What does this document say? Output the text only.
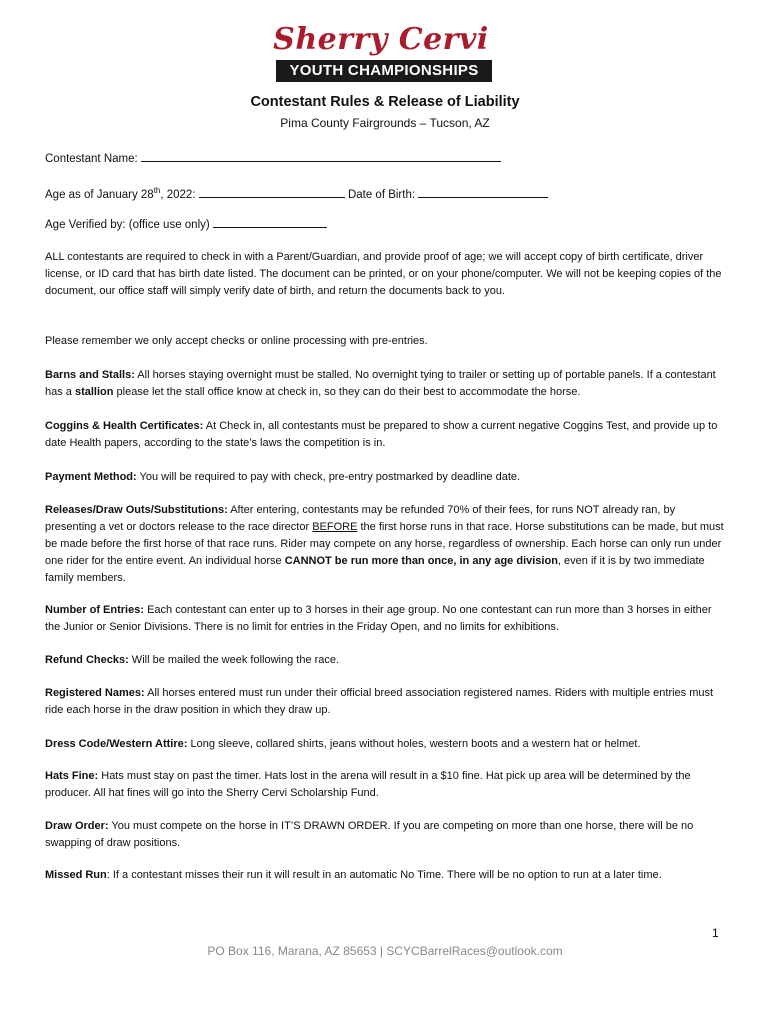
Sherry Cervi
YOUTH CHAMPIONSHIPS
Contestant Rules & Release of Liability
Pima County Fairgrounds – Tucson, AZ
Contestant Name:
Age as of January 28th, 2022:	Date of Birth:
Age Verified by: (office use only)

ALL contestants are required to check in with a Parent/Guardian, and provide proof of age; we will accept copy of birth certificate, driver license, or ID card that has birth date listed. The document can be printed, or on your phone/computer. We will not be keeping copies of the document, our office staff will simply verify date of birth, and return the documents back to you.

Please remember we only accept checks or online processing with pre-entries.

Barns and Stalls: All horses staying overnight must be stalled. No overnight tying to trailer or setting up of portable panels. If a contestant has a stallion please let the stall office know at check in, so they can do their best to accommodate the horse.

Coggins & Health Certificates: At Check in, all contestants must be prepared to show a current negative Coggins Test, and provide up to date Health papers, according to the state’s laws the competition is in.

Payment Method: You will be required to pay with check, pre-entry postmarked by deadline date.

Releases/Draw Outs/Substitutions: After entering, contestants may be refunded 70% of their fees, for runs NOT already ran, by presenting a vet or doctors release to the race director BEFORE the first horse runs in that race. Horse substitutions can be made, but must be made before the first horse of that race runs. Rider may compete on any horse, regardless of ownership. Each horse can only run under one rider for the entire event. An individual horse CANNOT be run more than once, in any age division, even if it is by two immediate family members.

Number of Entries: Each contestant can enter up to 3 horses in their age group. No one contestant can run more than 3 horses in either the Junior or Senior Divisions. There is no limit for entries in the Friday Open, and no limits for exhibitions.

Refund Checks: Will be mailed the week following the race.

Registered Names: All horses entered must run under their official breed association registered names. Riders with multiple entries must ride each horse in the draw position in which they draw up.

Dress Code/Western Attire: Long sleeve, collared shirts, jeans without holes, western boots and a western hat or helmet.

Hats Fine: Hats must stay on past the timer. Hats lost in the arena will result in a $10 fine. Hat pick up area will be determined by the producer. All hat fines will go into the Sherry Cervi Scholarship Fund.

Draw Order: You must compete on the horse in IT’S DRAWN ORDER. If you are competing on more than one horse, there will be no swapping of draw positions.

Missed Run: If a contestant misses their run it will result in an automatic No Time. There will be no option to run at a later time.

1
PO Box 116, Marana, AZ 85653 | SCYCBarrelRaces@outlook.com
